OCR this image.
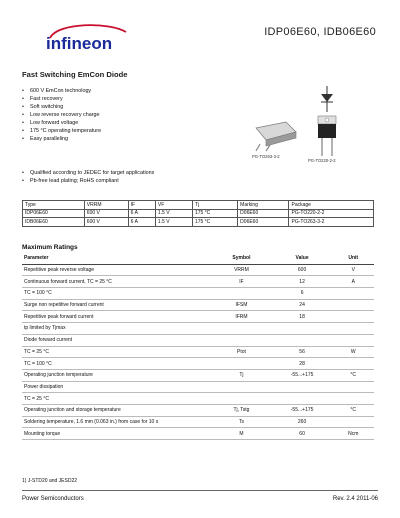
infineon
IDP06E60, IDB06E60
Fast Switching EmCon Diode
• 600 V EmCon technology
• Fast recovery
• Soft switching
• Low reverse recovery charge
• Low forward voltage
• 175 °C operating temperature
• Easy paralleling
• Qualified according to JEDEC for target applications
• Pb-free lead plating; RoHS compliant
PG-TO263-3-2
PG-TO220-2-2
Type	VRRM	IF	VF	Tj	Marking	Package
IDP06E60	600 V	6 A	1.5 V	175 °C	D06E60	PG-TO220-2-2
IDB06E60	600 V	6 A	1.5 V	175 °C	D06E60	PG-TO263-3-2
Maximum Ratings
Parameter	Symbol	Value	Unit
Repetitive peak reverse voltage	VRRM	600	V
Continuous forward current, TC = 25 °C	IF	12	A
TC = 100 °C		6	
Surge non repetitive forward current	IFSM	24	
Repetitive peak forward current	IFRM	18	
tp limited by Tjmax			
Diode forward current			
TC = 25 °C	Ptot	56	W
TC = 100 °C		28	
Operating junction temperature	Tj	-55...+175	°C
Power dissipation			
TC = 25 °C			
Operating junction and storage temperature	Tj, Tstg	-55...+175	°C
Soldering temperature, 1.6 mm (0.063 in.) from case for 10 s	Ts	260	
Mounting torque	M	60	Ncm
1) J-STD20 and JESD22
Power Semiconductors	Rev. 2.4 2011-06
